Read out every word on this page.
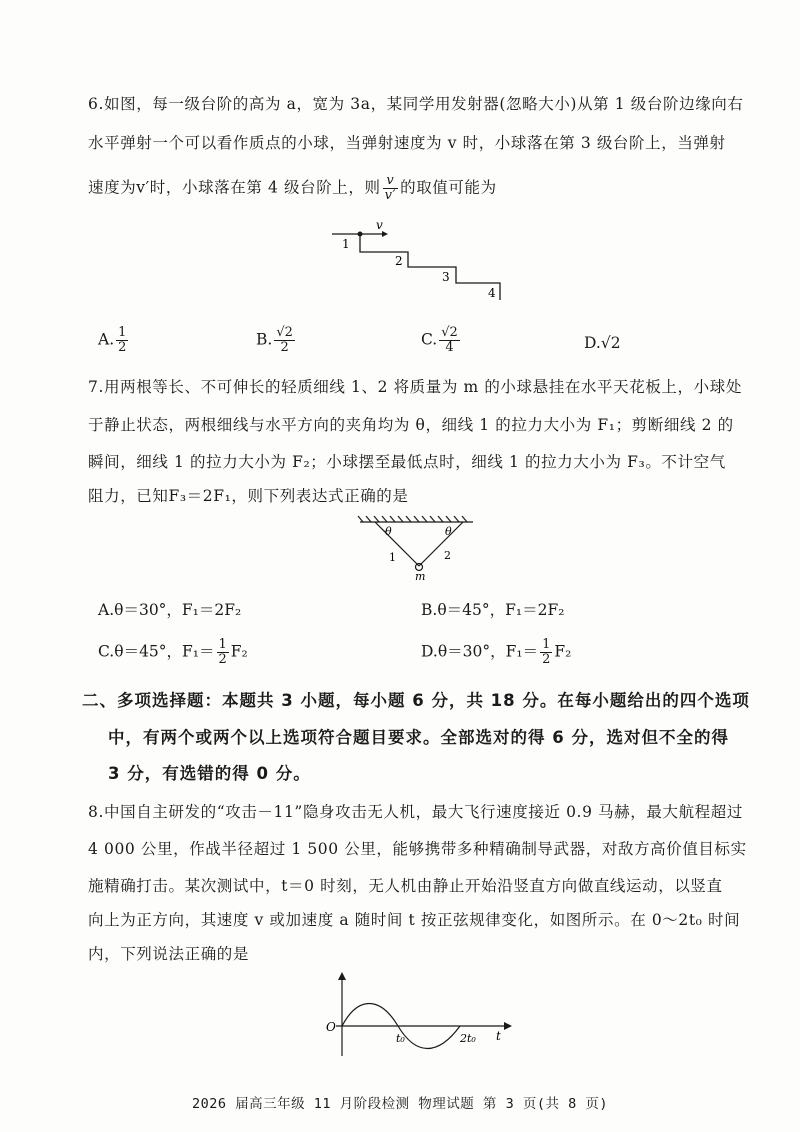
6.如图，每一级台阶的高为 a，宽为 3a，某同学用发射器(忽略大小)从第 1 级台阶边缘向右
水平弹射一个可以看作质点的小球，当弹射速度为 v 时，小球落在第 3 级台阶上，当弹射
速度为v′时，小球落在第 4 级台阶上，则 $\frac{v}{v'}$ 的取值可能为
v
1
2
3
4
A. $\frac{1}{2}$	B. $\frac{√2}{2}$	C. $\frac{√2}{4}$	D.√2
7.用两根等长、不可伸长的轻质细线 1、2 将质量为 m 的小球悬挂在水平天花板上，小球处
于静止状态，两根细线与水平方向的夹角均为 θ，细线 1 的拉力大小为 F₁；剪断细线 2 的
瞬间，细线 1 的拉力大小为 F₂；小球摆至最低点时，细线 1 的拉力大小为 F₃。不计空气
阻力，已知F₃＝2F₁，则下列表达式正确的是
θ	θ
1	2
m
A.θ＝30°，F₁＝2F₂	B.θ＝45°，F₁＝2F₂
C.θ＝45°，$F_1= \frac{1}{2} F_2$	D.θ＝30°，$F_1= \frac{1}{2} F_2$
二、多项选择题：本题共 3 小题，每小题 6 分，共 18 分。在每小题给出的四个选项
中，有两个或两个以上选项符合题目要求。全部选对的得 6 分，选对但不全的得
3 分，有选错的得 0 分。
8.中国自主研发的“攻击－11”隐身攻击无人机，最大飞行速度接近 0.9 马赫，最大航程超过
4 000 公里，作战半径超过 1 500 公里，能够携带多种精确制导武器，对敌方高价值目标实
施精确打击。某次测试中，t＝0 时刻，无人机由静止开始沿竖直方向做直线运动，以竖直
向上为正方向，其速度 v 或加速度 a 随时间 t 按正弦规律变化，如图所示。在 0～2t₀ 时间
内，下列说法正确的是
O
t₀	2t₀ t
2026 届高三年级 11 月阶段检测 物理试题 第 3 页(共 8 页)
